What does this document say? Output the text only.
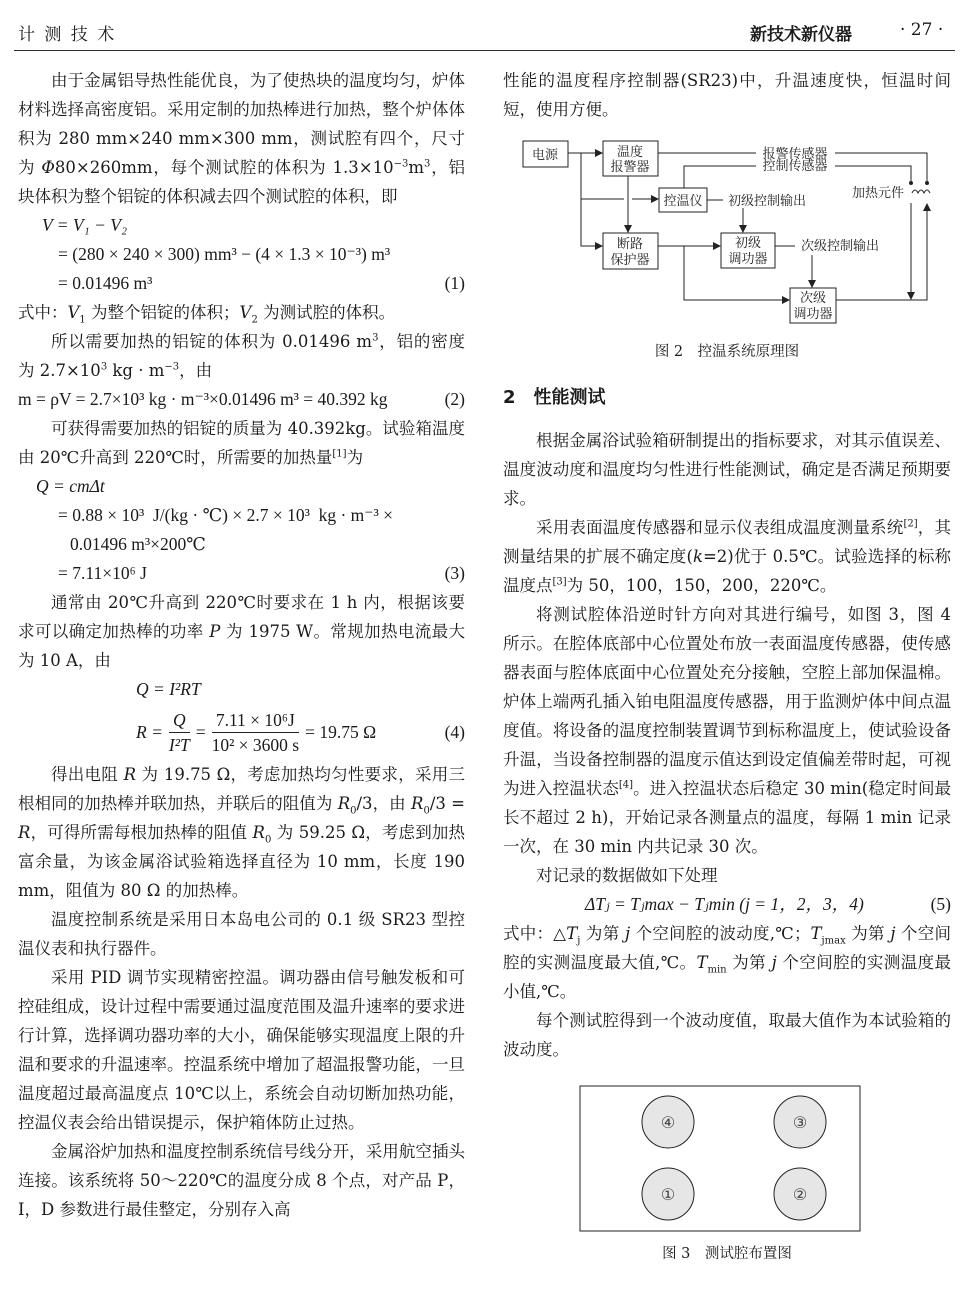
计 测 技 术	新技术新仪器	· 27 ·

由于金属铝导热性能优良，为了使热块的温度均匀，炉体材料选择高密度铝。采用定制的加热棒进行加热，整个炉体体积为 280 mm×240 mm×300 mm，测试腔有四个，尺寸为 Φ80×260mm，每个测试腔的体积为 $1.3\times 10^{-3}m^3$，铝块体积为整个铝锭的体积减去四个测试腔的体积，即

V = V₁ − V₂
= (280 × 240 × 300) mm³ − (4 × 1.3 × 10⁻³) m³
= 0.01496 m³	(1)

式中：$V_1$ 为整个铝锭的体积；$V_2$ 为测试腔的体积。

所以需要加热的铝锭的体积为 0.01496 $m^3$，铝的密度为 $2.7\times 10^3$ kg · $m^{-3}$，由

m = ρV = 2.7×10³ kg · m⁻³×0.01496 m³ = 40.392 kg	(2)

可获得需要加热的铝锭的质量为 40.392kg。试验箱温度由 20℃升高到 220℃时，所需要的加热量[1]为

Q = cmΔt
= 0.88 × 10³  J/(kg · ℃) × 2.7 × 10³  kg · m⁻³ ×
0.01496 m³×200℃
= 7.11×10⁶ J	(3)

通常由 20℃升高到 220℃时要求在 1 h 内，根据该要求可以确定加热棒的功率 P 为 1975 W。常规加热电流最大为 10 A，由

Q = I²RT
$R = \frac{Q}{\text{I²T}} = \frac{\text{7.11 × 10⁶J}}{\text{10² × 3600 s}} = 19.75$ Ω	(4)

得出电阻 R 为 19.75 Ω，考虑加热均匀性要求，采用三根相同的加热棒并联加热，并联后的阻值为 $R_0/3$，由 $R_0/3 = R$，可得所需每根加热棒的阻值 $R_0$ 为 59.25 Ω，考虑到加热富余量，为该金属浴试验箱选择直径为 10 mm，长度 190 mm，阻值为 80 Ω 的加热棒。

温度控制系统是采用日本岛电公司的 0.1 级 SR23 型控温仪表和执行器件。

采用 PID 调节实现精密控温。调功器由信号触发板和可控硅组成，设计过程中需要通过温度范围及温升速率的要求进行计算，选择调功器功率的大小，确保能够实现温度上限的升温和要求的升温速率。控温系统中增加了超温报警功能，一旦温度超过最高温度点 10℃以上，系统会自动切断加热功能，控温仪表会给出错误提示，保护箱体防止过热。

金属浴炉加热和温度控制系统信号线分开，采用航空插头连接。该系统将 50～220℃的温度分成 8 个点，对产品 P，I，D 参数进行最佳整定，分别存入高

性能的温度程序控制器(SR23)中，升温速度快，恒温时间短，使用方便。

电源	温度
报警器
控温仪
断路
保护器
初级
调功器
次级
调功器
报警传感器
控制传感器
加热元件
初级控制输出
次级控制输出
图 2　控温系统原理图
2　性能测试

根据金属浴试验箱研制提出的指标要求，对其示值误差、温度波动度和温度均匀性进行性能测试，确定是否满足预期要求。

采用表面温度传感器和显示仪表组成温度测量系统[2]，其测量结果的扩展不确定度(k=2)优于 0.5℃。试验选择的标称温度点[3]为 50，100，150，200，220℃。

将测试腔体沿逆时针方向对其进行编号，如图 3，图 4 所示。在腔体底部中心位置处布放一表面温度传感器，使传感器表面与腔体底面中心位置处充分接触，空腔上部加保温棉。炉体上端两孔插入铂电阻温度传感器，用于监测炉体中间点温度值。将设备的温度控制装置调节到标称温度上，使试验设备升温，当设备控制器的温度示值达到设定值偏差带时起，可视为进入控温状态[4]。进入控温状态后稳定 30 min(稳定时间最长不超过 2 h)，开始记录各测量点的温度，每隔 1 min 记录一次，在 30 min 内共记录 30 次。

对记录的数据做如下处理

ΔTⱼ = Tⱼmax − Tⱼmin (j = 1，2，3，4)	(5)

式中：$\triangle T_j$ 为第 j 个空间腔的波动度,℃；$T_{jmax}$ 为第 j 个空间腔的实测温度最大值,℃。$T_{min}$ 为第 j 个空间腔的实测温度最小值,℃。

每个测试腔得到一个波动度值，取最大值作为本试验箱的波动度。

④	③
①	②
图 3　测试腔布置图
